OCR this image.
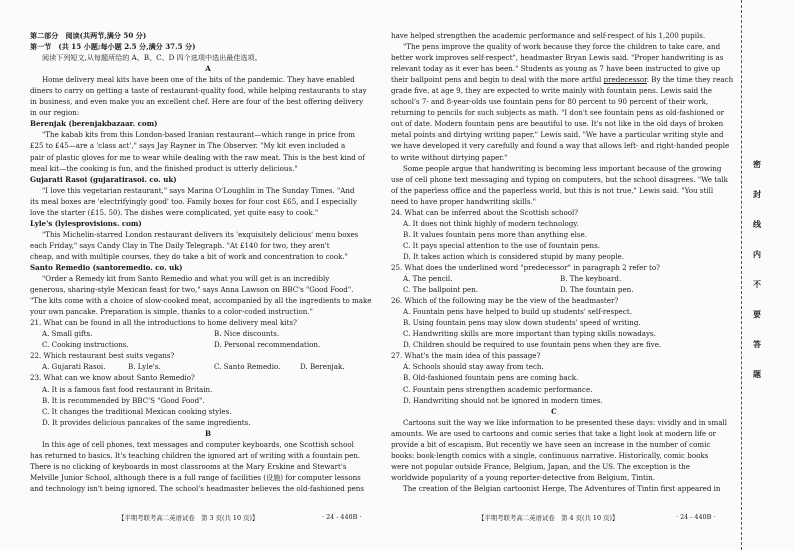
第二部分　阅读(共两节,满分 50 分)
第一节　(共 15 小题;每小题 2.5 分,满分 37.5 分)
阅读下列短文,从每题所给的 A、B、C、D 四个选项中选出最佳选项。
A
Home delivery meal kits have been one of the bits of the pandemic. They have enabled
diners to carry on getting a taste of restaurant-quality food, while helping restaurants to stay
in business, and even make you an excellent chef. Here are four of the best offering delivery
in our region:
Berenjak (berenjakbazaar. com)
"The kabab kits from this London-based Iranian restaurant—which range in price from
£25 to £45—are a 'class act'," says Jay Rayner in The Observer. "My kit even included a
pair of plastic gloves for me to wear while dealing with the raw meat. This is the best kind of
meal kit—the cooking is fun, and the finished product is utterly delicious."
Gujarati Rasoi (gujaratirasoi. co. uk)
"I love this vegetarian restaurant," says Marina O'Loughlin in The Sunday Times. "And
its meal boxes are 'electrifyingly good' too. Family boxes for four cost £65, and I especially
love the starter (£15. 50). The dishes were complicated, yet quite easy to cook."
Lyle's (lylesprovisions. com)
"This Michelin-starred London restaurant delivers its 'exquisitely delicious' menu boxes
each Friday," says Candy Clay in The Daily Telegraph. "At £140 for two, they aren't
cheap, and with multiple courses, they do take a bit of work and concentration to cook."
Santo Remedio (santoremedio. co. uk)
"Order a Remedy kit from Santo Remedio and what you will get is an incredibly
generous, sharing-style Mexican feast for two," says Anna Lawson on BBC's "Good Food".
"The kits come with a choice of slow-cooked meat, accompanied by all the ingredients to make
your own pancake. Preparation is simple, thanks to a color-coded instruction."
21. What can be found in all the introductions to home delivery meal kits?
A. Small gifts.	B. Nice discounts.
C. Cooking instructions.	D. Personal recommendation.
22. Which restaurant best suits vegans?
A. Gujarati Rasoi.	B. Lyle's.	C. Santo Remedio.	D. Berenjak.
23. What can we know about Santo Remedio?
A. It is a famous fast food restaurant in Britain.
B. It is recommended by BBC'S "Good Food".
C. It changes the traditional Mexican cooking styles.
D. It provides delicious pancakes of the same ingredients.
B
In this age of cell phones, text messages and computer keyboards, one Scottish school
has returned to basics. It's teaching children the ignored art of writing with a fountain pen.
There is no clicking of keyboards in most classrooms at the Mary Erskine and Stewart's
Melville Junior School, although there is a full range of facilities (设施) for computer lessons
and technology isn't being ignored. The school's headmaster believes the old-fashioned pens
have helped strengthen the academic performance and self-respect of his 1,200 pupils.
"The pens improve the quality of work because they force the children to take care, and
better work improves self-respect", headmaster Bryan Lewis said. "Proper handwriting is as
relevant today as it ever has been." Students as young as 7 have been instructed to give up
their ballpoint pens and begin to deal with the more artful predecessor. By the time they reach
grade five, at age 9, they are expected to write mainly with fountain pens. Lewis said the
school's 7- and 8-year-olds use fountain pens for 80 percent to 90 percent of their work,
returning to pencils for such subjects as math. "I don't see fountain pens as old-fashioned or
out of date. Modern fountain pens are beautiful to use. It's not like in the old days of broken
metal points and dirtying writing paper," Lewis said. "We have a particular writing style and
we have developed it very carefully and found a way that allows left- and right-handed people
to write without dirtying paper."
Some people argue that handwriting is becoming less important because of the growing
use of cell phone text messaging and typing on computers, but the school disagrees. "We talk
of the paperless office and the paperless world, but this is not true," Lewis said. "You still
need to have proper handwriting skills."
24. What can be inferred about the Scottish school?
A. It does not think highly of modern technology.
B. It values fountain pens more than anything else.
C. It pays special attention to the use of fountain pens.
D. It takes action which is considered stupid by many people.
25. What does the underlined word "predecessor" in paragraph 2 refer to?
A. The pencil.	B. The keyboard.
C. The ballpoint pen.	D. The fountain pen.
26. Which of the following may be the view of the headmaster?
A. Fountain pens have helped to build up students' self-respect.
B. Using fountain pens may slow down students' speed of writing.
C. Handwriting skills are more important than typing skills nowadays.
D. Children should be required to use fountain pens when they are five.
27. What's the main idea of this passage?
A. Schools should stay away from tech.
B. Old-fashioned fountain pens are coming back.
C. Fountain pens strengthen academic performance.
D. Handwriting should not be ignored in modern times.
C
Cartoons suit the way we like information to be presented these days: vividly and in small
amounts. We are used to cartoons and comic series that take a light look at modern life or
provide a bit of escapism. But recently we have seen an increase in the number of comic
books: book-length comics with a single, continuous narrative. Historically, comic books
were not popular outside France, Belgium, Japan, and the US. The exception is the
worldwide popularity of a young reporter-detective from Belgium, Tintin.
The creation of the Belgian cartoonist Herge, The Adventures of Tintin first appeared in
【半期考联考高二英语试卷　第 3 页(共 10 页)】	· 24 - 440B ·	【半期考联考高二英语试卷　第 4 页(共 10 页)】	· 24 - 440B ·
密
封
线
内
不
要
答
题
